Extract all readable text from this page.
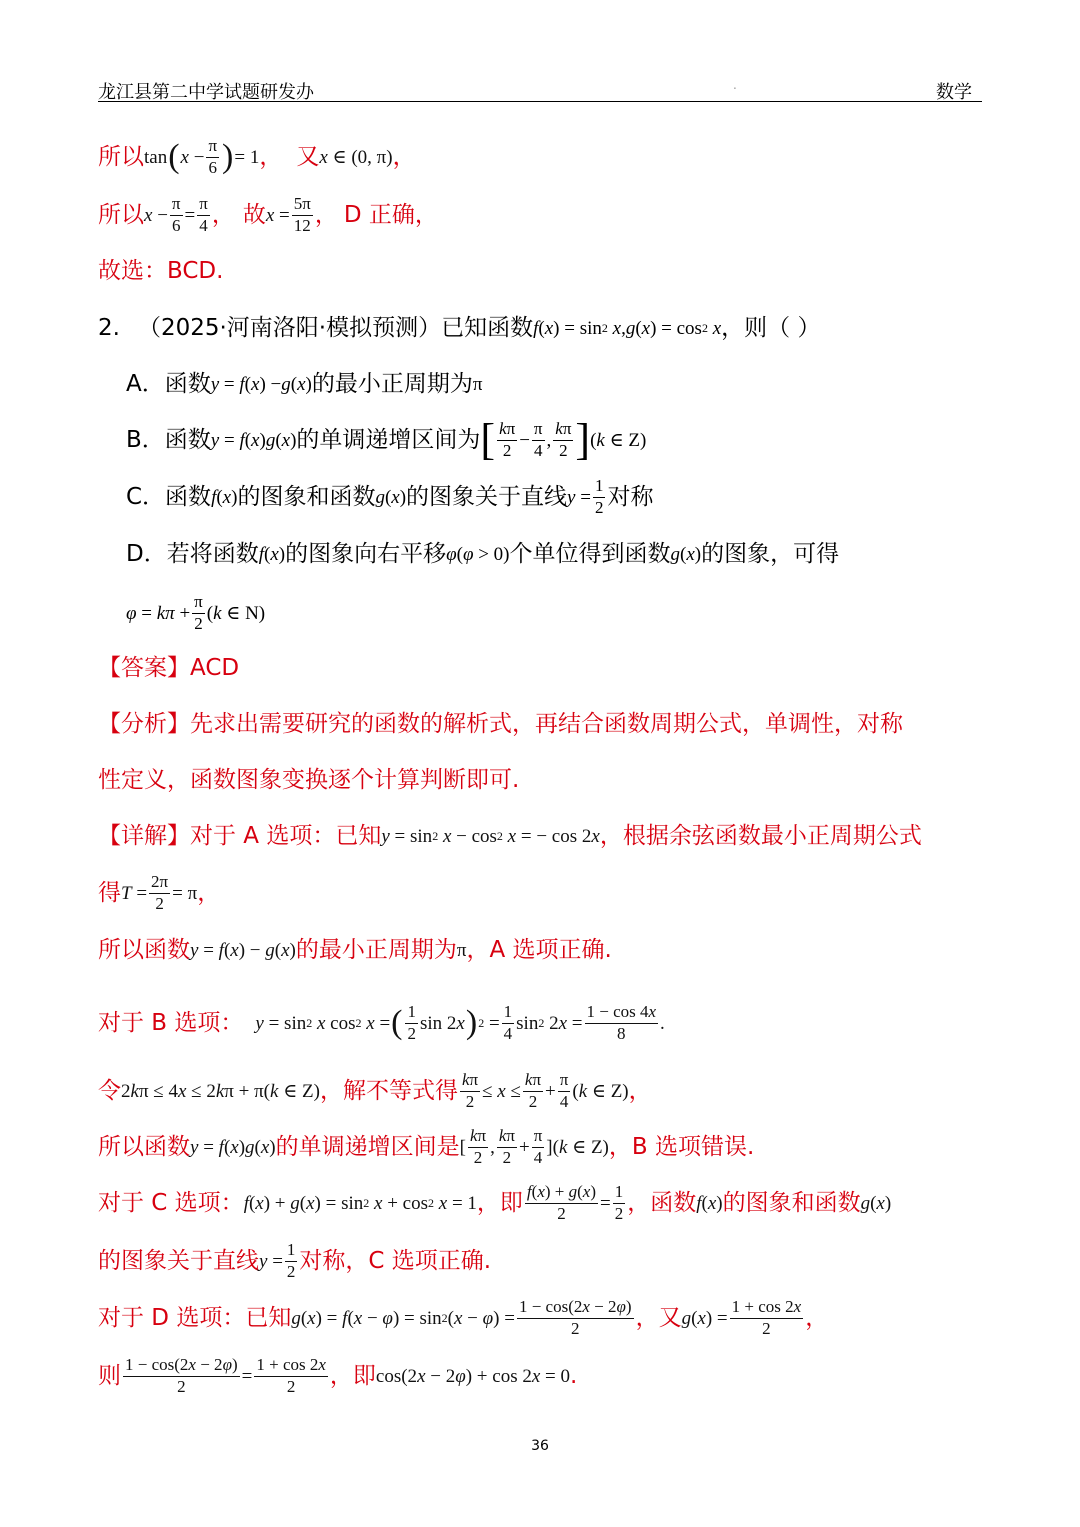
龙江县第二中学试题研发办	.	数学
所以 tan ( $x - \frac{\pi}{6}$ ) = 1 ， 又 x ∈ (0, π) ，
所以 $x - \frac{\pi}{6} = \frac{\pi}{4}$ ， 故 $x = \frac{5\pi}{12}$ ， D 正确，
故选：BCD.
2. （2025·河南洛阳·模拟预测）已知函数 f ( x ) = sin 2
x , g ( x ) = cos 2
x ，则（ ）
A．函数 y = f ( x ) − g ( x ) 的最小正周期为 π
B．函数 y = f ( x ) g ( x ) 的单调递增区间为 [ $\frac{k\pi}{2} - \frac{\pi}{4}$ , $\frac{k\pi}{2}$ ] ( k ∈ Z)
C．函数 f ( x ) 的图象和函数 g ( x ) 的图象关于直线 $y = \frac{1}{2}$ 对称
D．若将函数 f ( x ) 的图象向右平移 φ ( φ > 0) 个单位得到函数 g ( x ) 的图象，可得
$\varphi = k\pi + \frac{\pi}{2}$ ( k ∈ N)
【答案】ACD
【分析】先求出需要研究的函数的解析式，再结合函数周期公式，单调性，对称
性定义，函数图象变换逐个计算判断即可.
【详解】对于 A 选项：已知 y = sin 2
x − cos 2
x = − cos 2 x ，根据余弦函数最小正周期公式
得 $T = \frac{2\pi}{2} = \pi$ ，
所以函数 y = f ( x ) − g ( x ) 的最小正周期为 π ，A 选项正确.
对于 B 选项： y = sin 2
x cos 2
x = ( $\frac{1}{2}$ sin 2 x ) $2 = \frac{1}{4}$ sin 2 2 $x = \frac{1 - \cos 4x}{8}$ .
令 2 k π ≤ 4 x ≤ 2 k π + π( k ∈ Z) ，解不等式得 $\frac{k\pi}{2} \le x \le \frac{k\pi}{2} + \frac{\pi}{4}$ ( k ∈ Z) ，
所以函数 y = f ( x ) g ( x ) 的单调递增区间是 [ $\frac{k\pi}{2}$ , $\frac{k\pi}{2} + \frac{\pi}{4}$ ]( k ∈ Z) ，B 选项错误.
对于 C 选项： f ( x ) + g ( x ) = sin 2
x + cos 2
x = 1 ，即 $\frac{f(x) + g(x)}{2} = \frac{1}{2}$ ，函数 f ( x ) 的图象和函数 g ( x )
的图象关于直线 $y = \frac{1}{2}$ 对称，C 选项正确.
对于 D 选项：已知 g ( x ) = f ( x − φ ) = sin 2 ( x − φ ) = $\frac{1 - \cos(2x - 2\varphi)}{2}$ ，又 g ( x ) = $\frac{1 + \cos 2x}{2}$ ，
则 $\frac{1 - \cos(2x - 2\varphi)}{2} = \frac{1 + \cos 2x}{2}$ ，即 cos(2 x − 2 φ ) + cos 2 x = 0 .
36
